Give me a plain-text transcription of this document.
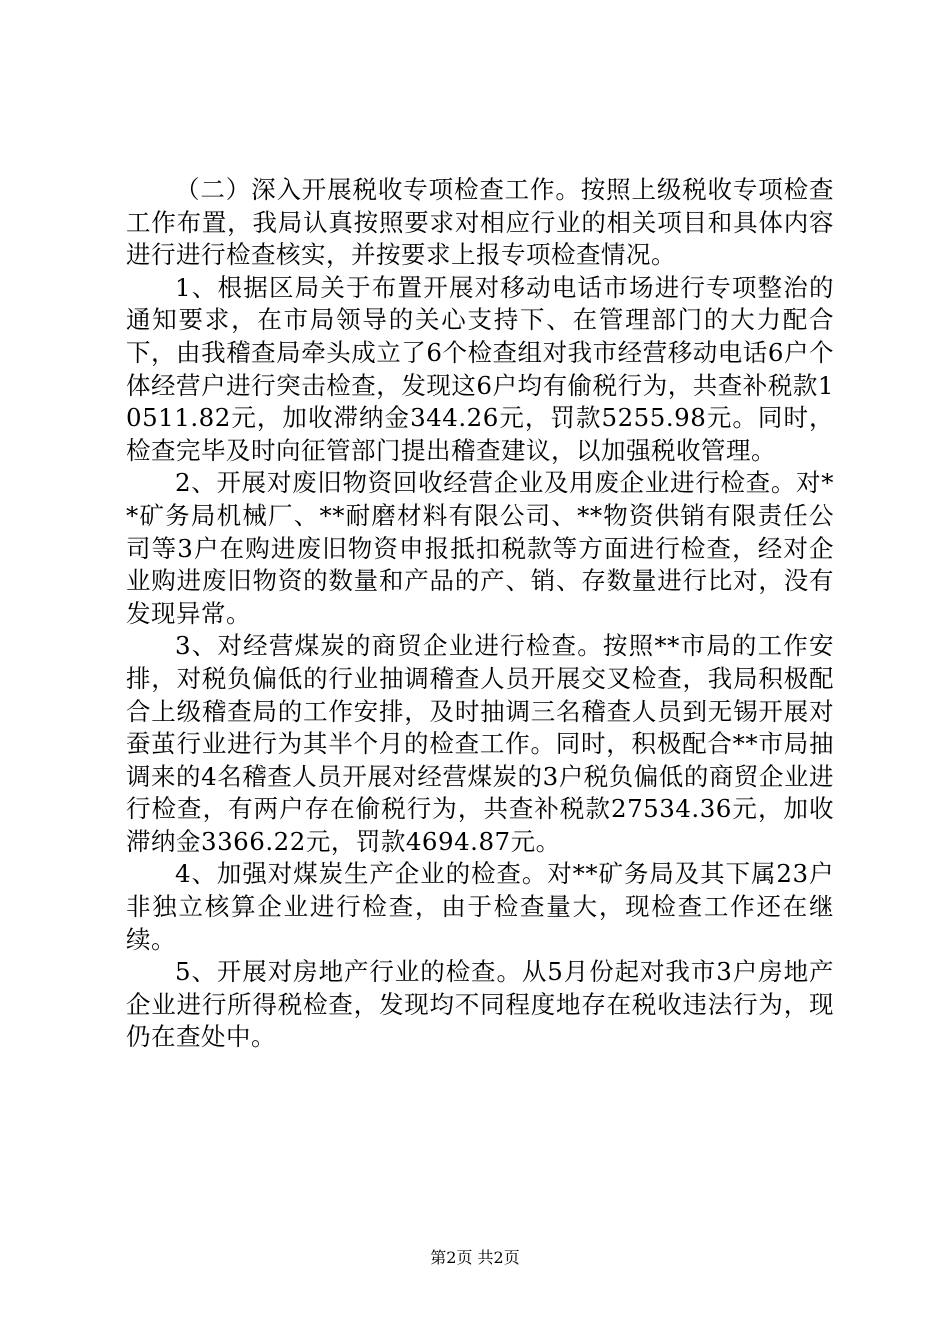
（二）深入开展税收专项检查工作。按照上级税收专项检查工作布置，我局认真按照要求对相应行业的相关项目和具体内容进行进行检查核实，并按要求上报专项检查情况。

1、根据区局关于布置开展对移动电话市场进行专项整治的通知要求，在市局领导的关心支持下、在管理部门的大力配合下，由我稽查局牵头成立了6个检查组对我市经营移动电话6户个体经营户进行突击检查，发现这6户均有偷税行为，共查补税款10511.82元，加收滞纳金344.26元，罚款5255.98元。同时，检查完毕及时向征管部门提出稽查建议，以加强税收管理。

2、开展对废旧物资回收经营企业及用废企业进行检查。对**矿务局机械厂、**耐磨材料有限公司、**物资供销有限责任公司等3户在购进废旧物资申报抵扣税款等方面进行检查，经对企业购进废旧物资的数量和产品的产、销、存数量进行比对，没有发现异常。

3、对经营煤炭的商贸企业进行检查。按照**市局的工作安排，对税负偏低的行业抽调稽查人员开展交叉检查，我局积极配合上级稽查局的工作安排，及时抽调三名稽查人员到无锡开展对蚕茧行业进行为其半个月的检查工作。同时，积极配合**市局抽调来的4名稽查人员开展对经营煤炭的3户税负偏低的商贸企业进行检查，有两户存在偷税行为，共查补税款27534.36元，加收滞纳金3366.22元，罚款4694.87元。

4、加强对煤炭生产企业的检查。对**矿务局及其下属23户非独立核算企业进行检查，由于检查量大，现检查工作还在继续。

5、开展对房地产行业的检查。从5月份起对我市3户房地产企业进行所得税检查，发现均不同程度地存在税收违法行为，现仍在查处中。

第2页 共2页
